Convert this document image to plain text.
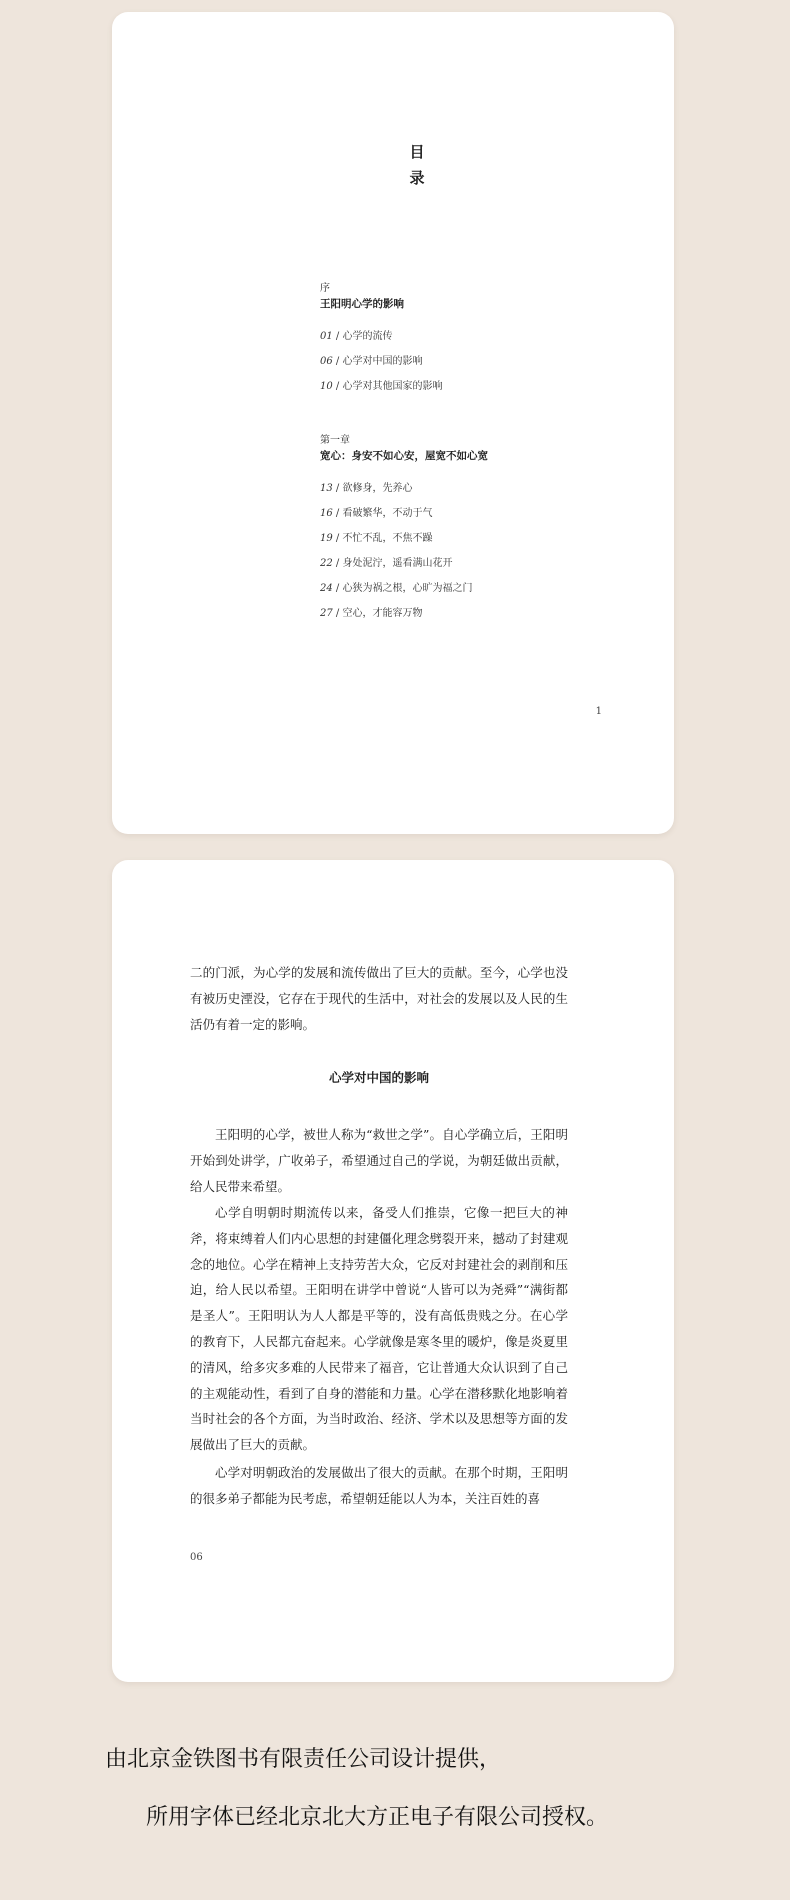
目
录

序

王阳明心学的影响

01 / 心学的流传
06 / 心学对中国的影响
10 / 心学对其他国家的影响

第一章

宽心：身安不如心安，屋宽不如心宽

13 / 欲修身，先养心
16 / 看破繁华，不动于气
19 / 不忙不乱，不焦不躁
22 / 身处泥泞，遥看满山花开
24 / 心狭为祸之根，心旷为福之门
27 / 空心，才能容万物
1

二的门派，为心学的发展和流传做出了巨大的贡献。至今，心学也没有被历史湮没，它存在于现代的生活中，对社会的发展以及人民的生活仍有着一定的影响。

心学对中国的影响

王阳明的心学，被世人称为“救世之学”。自心学确立后，王阳明开始到处讲学，广收弟子，希望通过自己的学说，为朝廷做出贡献，给人民带来希望。

心学自明朝时期流传以来，备受人们推崇，它像一把巨大的神斧，将束缚着人们内心思想的封建僵化理念劈裂开来，撼动了封建观念的地位。心学在精神上支持劳苦大众，它反对封建社会的剥削和压迫，给人民以希望。王阳明在讲学中曾说“人皆可以为尧舜”“满街都是圣人”。王阳明认为人人都是平等的，没有高低贵贱之分。在心学的教育下，人民都亢奋起来。心学就像是寒冬里的暖炉，像是炎夏里的清风，给多灾多难的人民带来了福音，它让普通大众认识到了自己的主观能动性，看到了自身的潜能和力量。心学在潜移默化地影响着当时社会的各个方面，为当时政治、经济、学术以及思想等方面的发展做出了巨大的贡献。

心学对明朝政治的发展做出了很大的贡献。在那个时期，王阳明的很多弟子都能为民考虑，希望朝廷能以人为本，关注百姓的喜

06
由北京金铁图书有限责任公司设计提供，
所用字体已经北京北大方正电子有限公司授权。
